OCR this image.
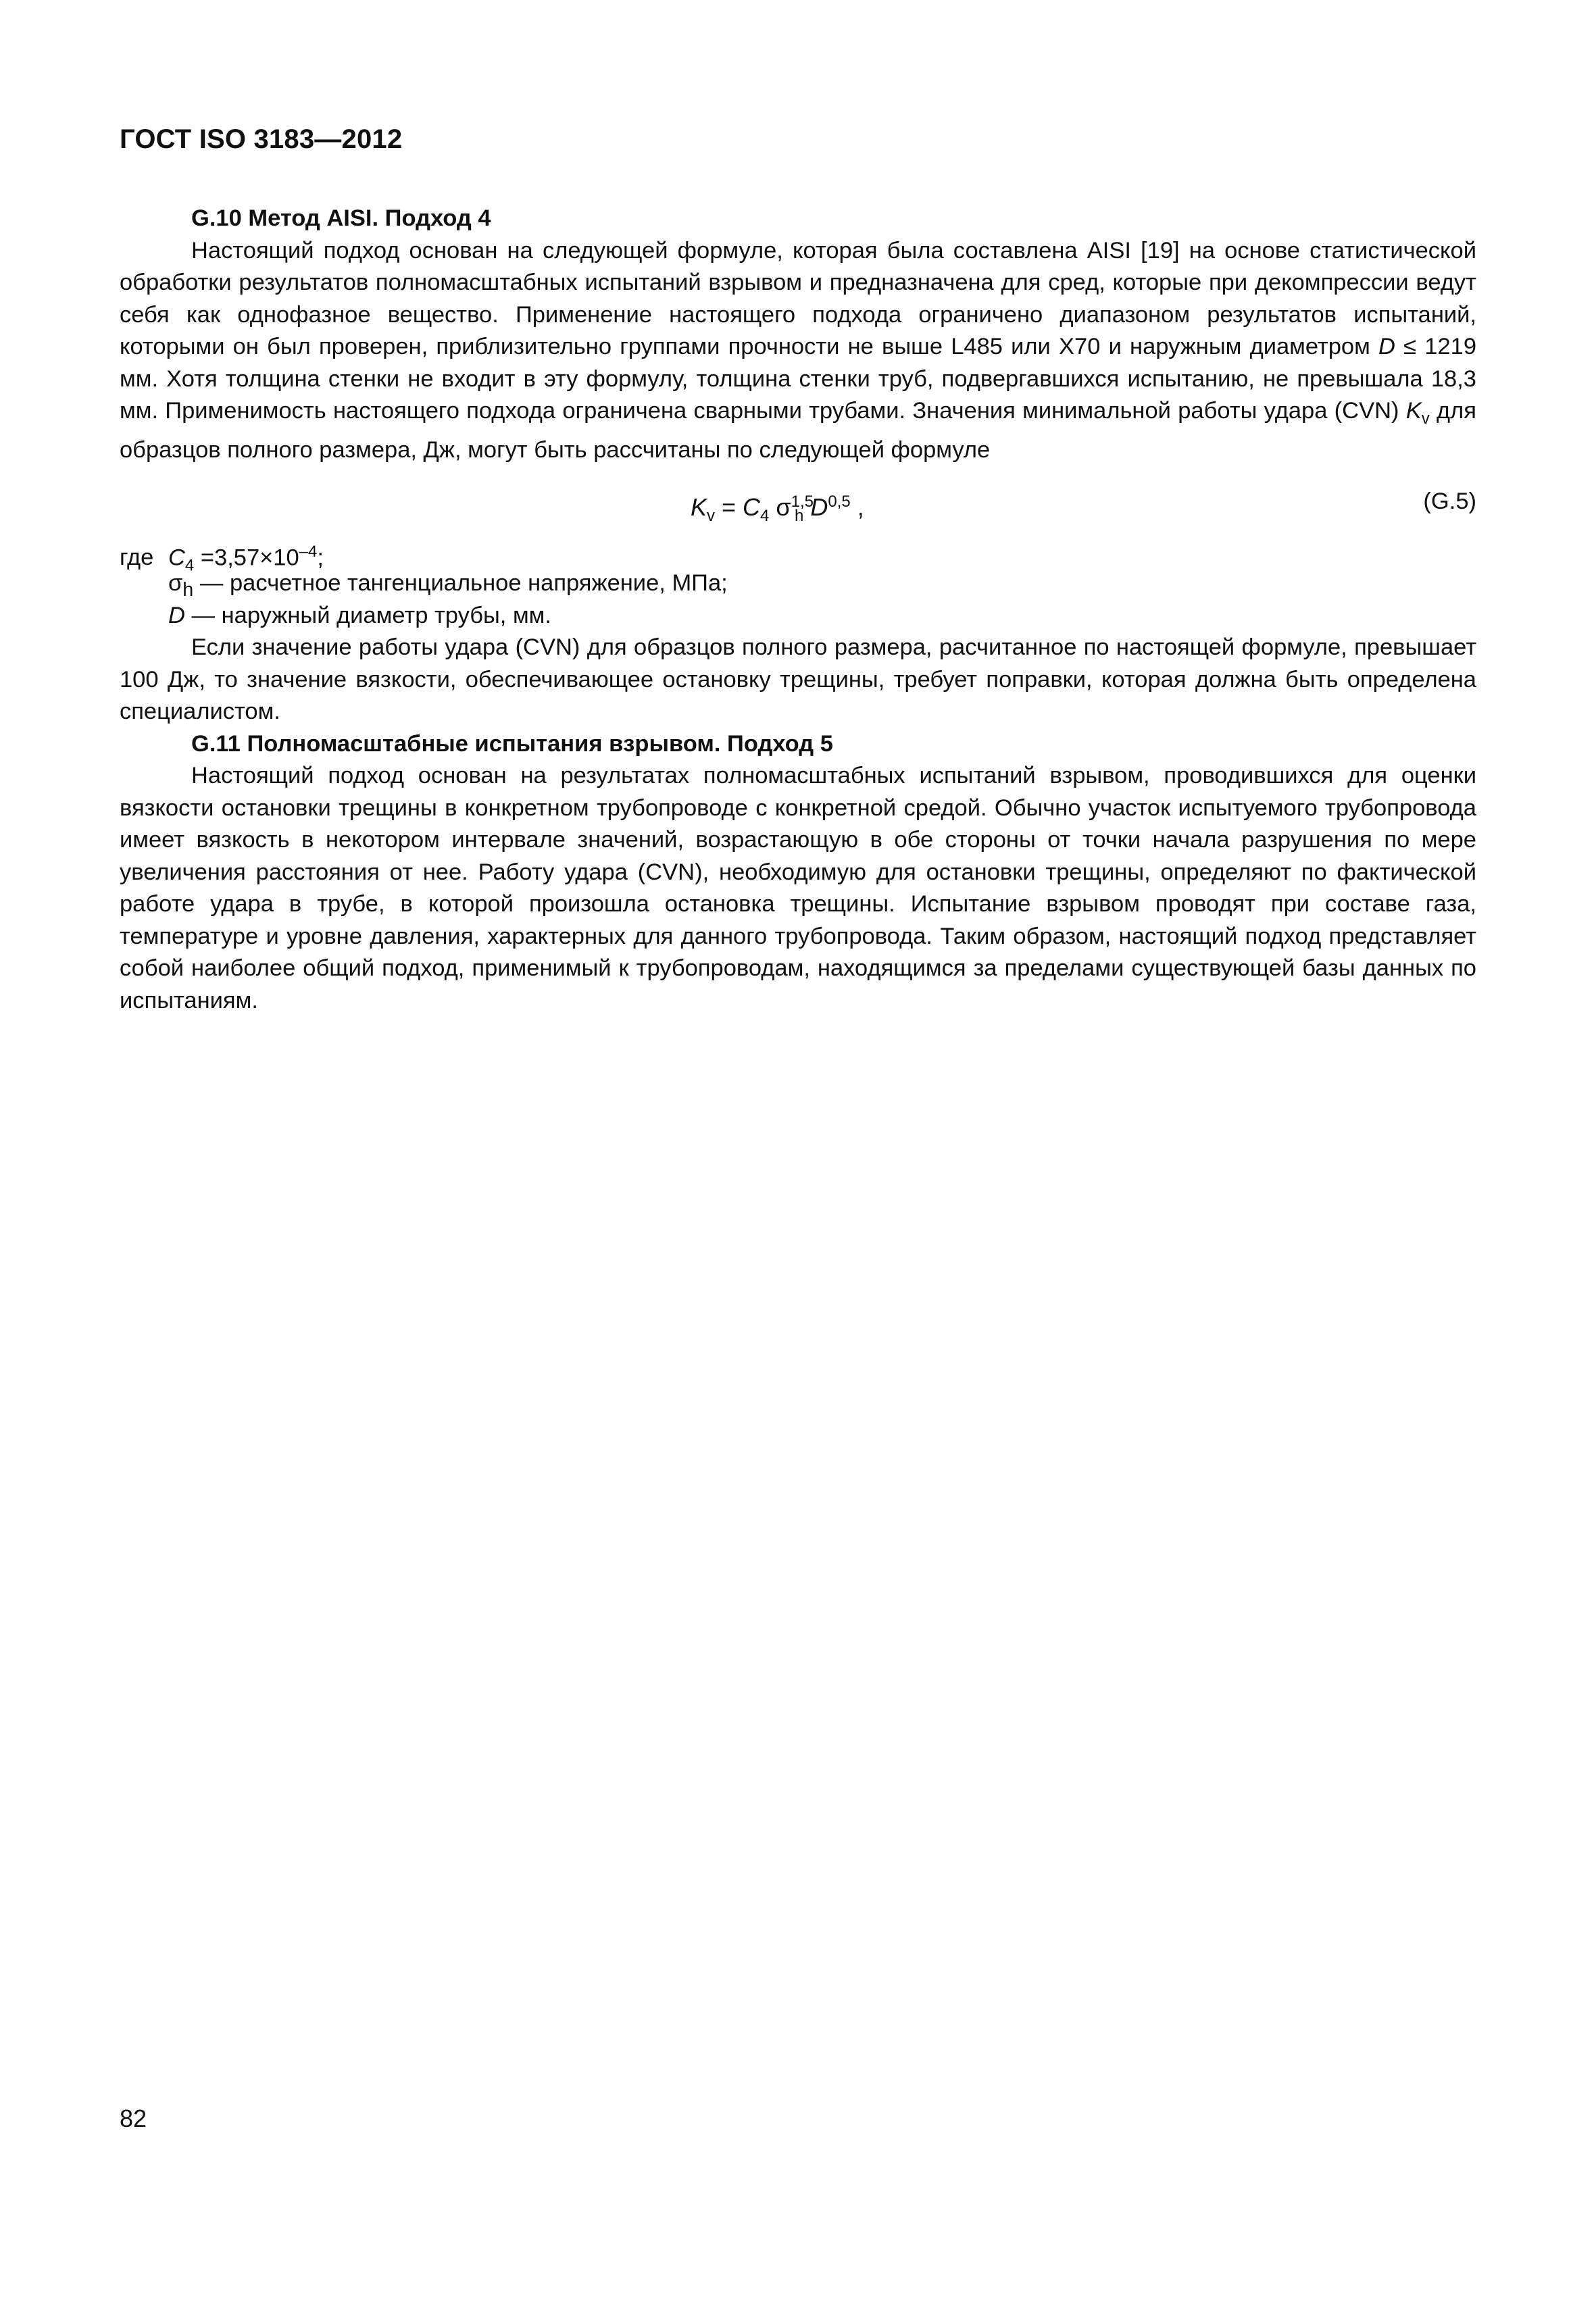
ГОСТ ISO 3183—2012
G.10 Метод AISI. Подход 4

Настоящий подход основан на следующей формуле, которая была составлена AISI [19] на основе статистической обработки результатов полномасштабных испытаний взрывом и предназначена для сред, которые при декомпрессии ведут себя как однофазное вещество. Применение настоящего подхода ограничено диапазоном результатов испытаний, которыми он был проверен, приблизительно группами прочности не выше L485 или X70 и наружным диаметром D ≤ 1219 мм. Хотя толщина стенки не входит в эту формулу, толщина стенки труб, подвергавшихся испытанию, не превышала 18,3 мм. Применимость настоящего подхода ограничена сварными трубами. Значения минимальной работы удара (CVN) $K_v$ для образцов полного размера, Дж, могут быть рассчитаны по следующей формуле

$K_v = C_4$ $\sigma^{1,5}_h$ D$^{0,5}$ ,	(G.5)
где $C_4 =3,57\times 10^{-4}$;
$\sigma_h$ — расчетное тангенциальное напряжение, МПа;
D — наружный диаметр трубы, мм.

Если значение работы удара (CVN) для образцов полного размера, расчитанное по настоящей формуле, превышает 100 Дж, то значение вязкости, обеспечивающее остановку трещины, требует поправки, которая должна быть определена специалистом.

G.11 Полномасштабные испытания взрывом. Подход 5

Настоящий подход основан на результатах полномасштабных испытаний взрывом, проводившихся для оценки вязкости остановки трещины в конкретном трубопроводе с конкретной средой. Обычно участок испытуемого трубопровода имеет вязкость в некотором интервале значений, возрастающую в обе стороны от точки начала разрушения по мере увеличения расстояния от нее. Работу удара (CVN), необходимую для остановки трещины, определяют по фактической работе удара в трубе, в которой произошла остановка трещины. Испытание взрывом проводят при составе газа, температуре и уровне давления, характерных для данного трубопровода. Таким образом, настоящий подход представляет собой наиболее общий подход, применимый к трубопроводам, находящимся за пределами существующей базы данных по испытаниям.

82
